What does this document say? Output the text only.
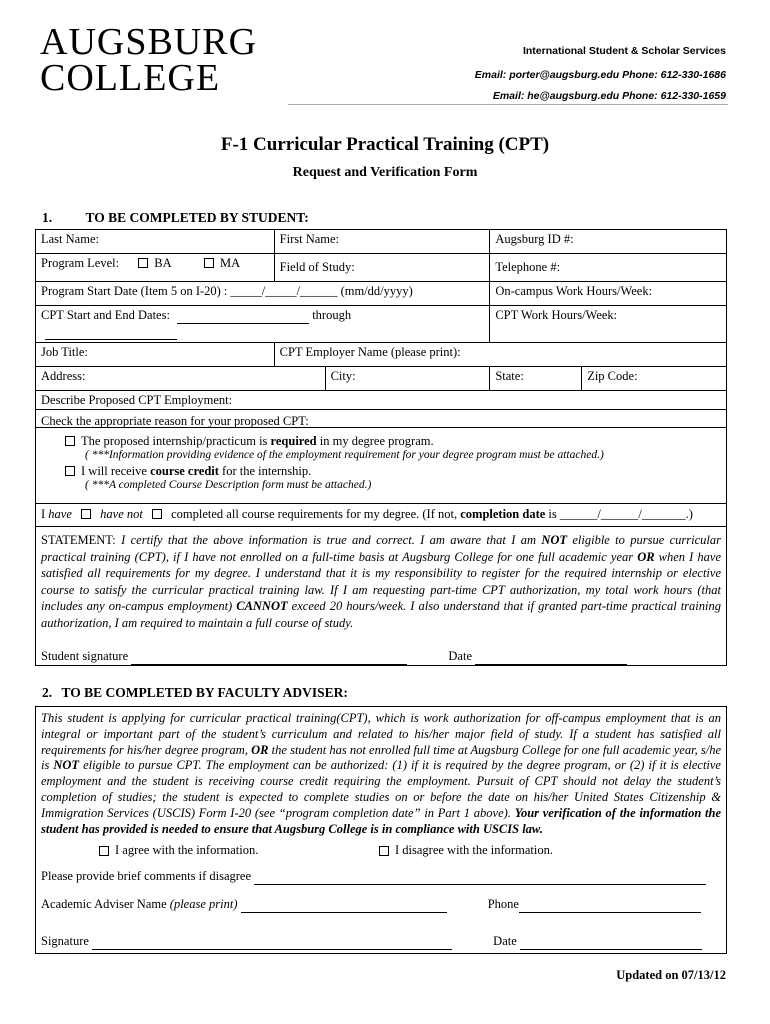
AUGSBURG
COLLEGE
International Student & Scholar Services
Email: porter@augsburg.edu Phone: 612-330-1686
Email: he@augsburg.edu Phone: 612-330-1659
F-1 Curricular Practical Training (CPT)
Request and Verification Form
1. TO BE COMPLETED BY STUDENT:
Last Name:	First Name:		Augsburg ID #:	
Program Level: BA MA	Field of Study:		Telephone #:	
Program Start Date (Item 5 on I-20) : _____/_____/______ (mm/dd/yyyy)			On-campus Work Hours/Week:	
CPT Start and End Dates: through			CPT Work Hours/Week:	
Job Title:	CPT Employer Name (please print):			
Address:		City:	State:	Zip Code:
Describe Proposed CPT Employment:				
Check the appropriate reason for your proposed CPT:
The proposed internship/practicum is required in my degree program.
( ***Information providing evidence of the employment requirement for your degree program must be attached.)
I will receive course credit for the internship.
( ***A completed Course Description form must be attached.)
I have have not completed all course requirements for my degree. (If not, completion date is ______/______/_______.)
STATEMENT: I certify that the above information is true and correct. I am aware that I am NOT eligible to pursue curricular practical training (CPT), if I have not enrolled on a full-time basis at Augsburg College for one full academic year OR when I have satisfied all requirements for my degree. I understand that it is my responsibility to register for the required internship or elective course to satisfy the curricular practical training law. If I am requesting part-time CPT authorization, my total work hours (that includes any on-campus employment) CANNOT exceed 20 hours/week. I also understand that if granted part-time practical training authorization, I am required to maintain a full course of study.
Student signature	Date
2. TO BE COMPLETED BY FACULTY ADVISER:
This student is applying for curricular practical training(CPT), which is work authorization for off-campus employment that is an integral or important part of the student’s curriculum and related to his/her major field of study. If a student has satisfied all requirements for his/her degree program, OR the student has not enrolled full time at Augsburg College for one full academic year, s/he is NOT eligible to pursue CPT. The employment can be authorized: (1) if it is required by the degree program, or (2) if it is elective employment and the student is receiving course credit requiring the employment. Pursuit of CPT should not delay the student’s completion of studies; the student is expected to complete studies on or before the date on his/her United States Citizenship & Immigration Services (USCIS) Form I-20 (see “program completion date” in Part 1 above). Your verification of the information the student has provided is needed to ensure that Augsburg College is in compliance with USCIS law.
I agree with the information.	I disagree with the information.
Please provide brief comments if disagree
Academic Adviser Name (please print)	Phone
Signature	Date
Updated on 07/13/12
